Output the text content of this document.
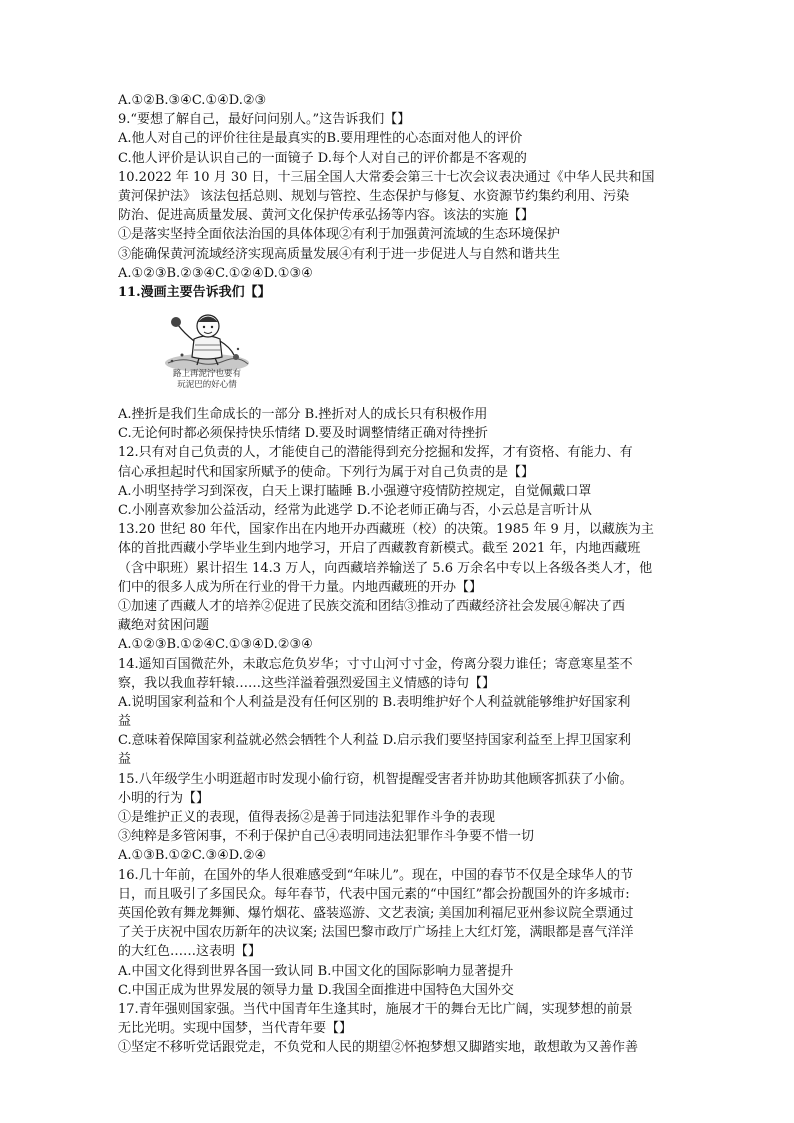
A.①②B.③④C.①④D.②③
9.“要想了解自己，最好问问别人。”这告诉我们【】
A.他人对自己的评价往往是最真实的B.要用理性的心态面对他人的评价
C.他人评价是认识自己的一面镜子 D.每个人对自己的评价都是不客观的
10.2022 年 10 月 30 日，十三届全国人大常委会第三十七次会议表决通过《中华人民共和国
黄河保护法》 该法包括总则、规划与管控、生态保护与修复、水资源节约集约利用、污染
防治、促进高质量发展、黄河文化保护传承弘扬等内容。该法的实施【】
①是落实坚持全面依法治国的具体体现②有利于加强黄河流域的生态环境保护
③能确保黄河流域经济实现高质量发展④有利于进一步促进人与自然和谐共生
A.①②③B.②③④C.①②④D.①③④
11.漫画主要告诉我们【】
路上再泥泞也要有
玩泥巴的好心情
A.挫折是我们生命成长的一部分 B.挫折对人的成长只有积极作用
C.无论何时都必须保持快乐情绪 D.要及时调整情绪正确对待挫折
12.只有对自己负责的人，才能使自己的潜能得到充分挖掘和发挥，才有资格、有能力、有
信心承担起时代和国家所赋予的使命。下列行为属于对自己负责的是【】
A.小明坚持学习到深夜，白天上课打瞌睡 B.小强遵守疫情防控规定，自觉佩戴口罩
C.小刚喜欢参加公益活动，经常为此逃学 D.不论老师正确与否，小云总是言听计从
13.20 世纪 80 年代，国家作出在内地开办西藏班（校）的决策。1985 年 9 月，以藏族为主
体的首批西藏小学毕业生到内地学习，开启了西藏教育新模式。截至 2021 年，内地西藏班
（含中职班）累计招生 14.3 万人，向西藏培养输送了 5.6 万余名中专以上各级各类人才，他
们中的很多人成为所在行业的骨干力量。内地西藏班的开办【】
①加速了西藏人才的培养②促进了民族交流和团结③推动了西藏经济社会发展④解决了西
藏绝对贫困问题
A.①②③B.①②④C.①③④D.②③④
14.遥知百国微茫外，未敢忘危负岁华；寸寸山河寸寸金，侉离分裂力谁任；寄意寒星荃不
察，我以我血荐轩辕……这些洋溢着强烈爱国主义情感的诗句【】
A.说明国家利益和个人利益是没有任何区别的 B.表明维护好个人利益就能够维护好国家利
益
C.意味着保障国家利益就必然会牺牲个人利益 D.启示我们要坚持国家利益至上捍卫国家利
益
15.八年级学生小明逛超市时发现小偷行窃，机智提醒受害者并协助其他顾客抓获了小偷。
小明的行为【】
①是维护正义的表现，值得表扬②是善于同违法犯罪作斗争的表现
③纯粹是多管闲事，不利于保护自己④表明同违法犯罪作斗争要不惜一切
A.①③B.①②C.③④D.②④
16.几十年前，在国外的华人很难感受到“年味儿”。现在，中国的春节不仅是全球华人的节
日，而且吸引了多国民众。每年春节，代表中国元素的“中国红”都会扮靓国外的许多城市:
英国伦敦有舞龙舞狮、爆竹烟花、盛装巡游、文艺表演; 美国加利福尼亚州参议院全票通过
了关于庆祝中国农历新年的决议案; 法国巴黎市政厅广场挂上大红灯笼，满眼都是喜气洋洋
的大红色……这表明【】
A.中国文化得到世界各国一致认同 B.中国文化的国际影响力显著提升
C.中国正成为世界发展的领导力量 D.我国全面推进中国特色大国外交
17.青年强则国家强。当代中国青年生逢其时，施展才干的舞台无比广阔，实现梦想的前景
无比光明。实现中国梦，当代青年要【】
①坚定不移听党话跟党走，不负党和人民的期望②怀抱梦想又脚踏实地，敢想敢为又善作善
